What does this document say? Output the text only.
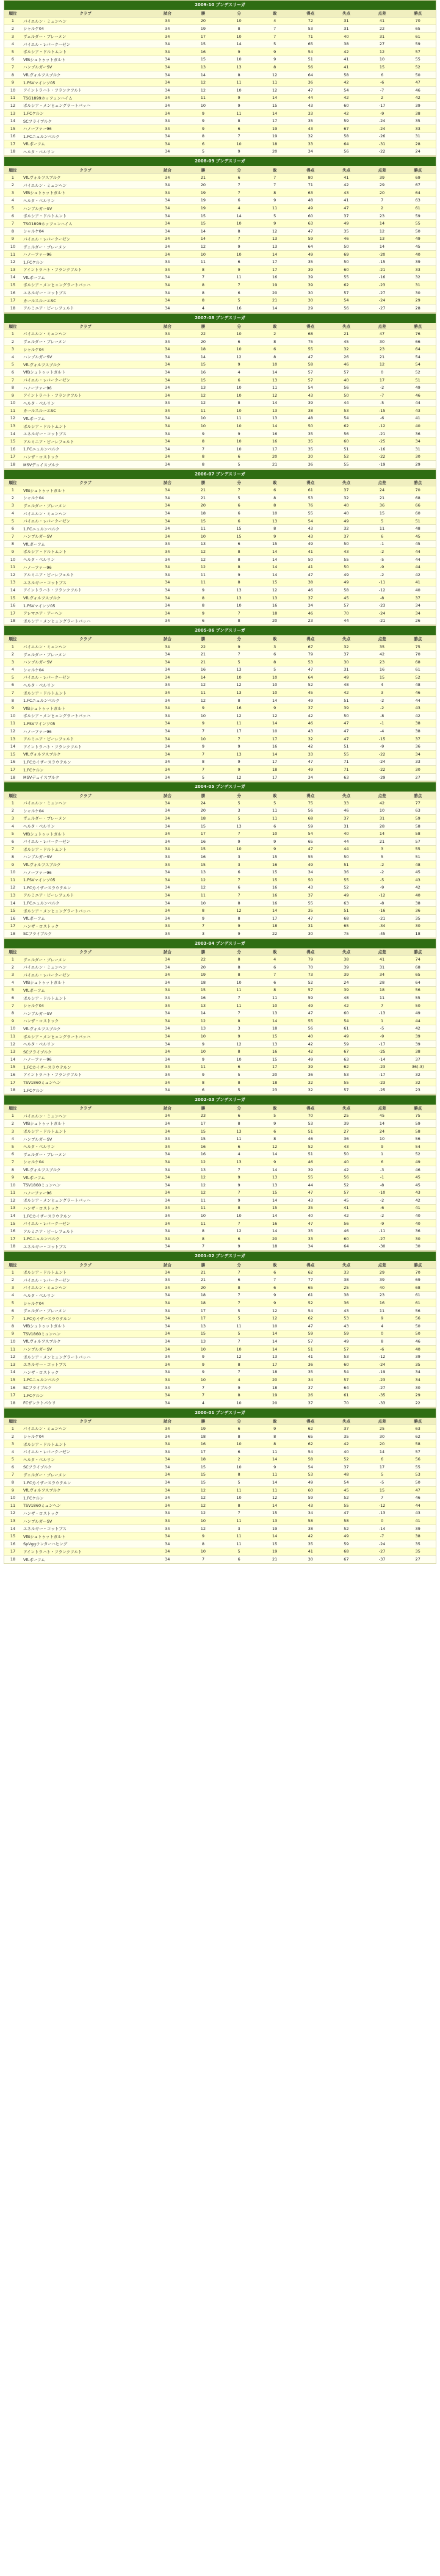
2009-10 ブンデスリーガ
順位	クラブ	試合	勝	分	敗	得点	失点	点差	勝点
1	バイエルン・ミュンヘン	34	20	10	4	72	31	41	70
2	シャルケ04	34	19	8	7	53	31	22	65
3	ヴェルダー・ブレーメン	34	17	10	7	71	40	31	61
4	バイエル・レバークーゼン	34	15	14	5	65	38	27	59
5	ボルシア・ドルトムント	34	16	9	9	54	42	12	57
6	VfBシュトゥットガルト	34	15	10	9	51	41	10	55
7	ハンブルガーSV	34	13	13	8	56	41	15	52
8	VfLヴォルフスブルク	34	14	8	12	64	58	6	50
9	1.FSVマインツ05	34	12	11	11	36	42	-6	47
10	アイントラハト・フランクフルト	34	12	10	12	47	54	-7	46
11	TSG1899ホッフェンハイム	34	11	9	14	44	42	2	42
12	ボルシア・メンヒェングラートバッハ	34	10	9	15	43	60	-17	39
13	1.FCケルン	34	9	11	14	33	42	-9	38
14	SCフライブルク	34	9	8	17	35	59	-24	35
15	ハノーファー96	34	9	6	19	43	67	-24	33
16	1.FCニュルンベルク	34	8	7	19	32	58	-26	31
17	VfLボーフム	34	6	10	18	33	64	-31	28
18	ヘルタ・ベルリン	34	5	9	20	34	56	-22	24
2008-09 ブンデスリーガ
順位	クラブ	試合	勝	分	敗	得点	失点	点差	勝点
1	VfLヴォルフスブルク	34	21	6	7	80	41	39	69
2	バイエルン・ミュンヘン	34	20	7	7	71	42	29	67
3	VfBシュトゥットガルト	34	19	7	8	63	43	20	64
4	ヘルタ・ベルリン	34	19	6	9	48	41	7	63
5	ハンブルガーSV	34	19	4	11	49	47	2	61
6	ボルシア・ドルトムント	34	15	14	5	60	37	23	59
7	TSG1899ホッフェンハイム	34	15	10	9	63	49	14	55
8	シャルケ04	34	14	8	12	47	35	12	50
9	バイエル・レバークーゼン	34	14	7	13	59	46	13	49
10	ヴェルダー・ブレーメン	34	12	9	13	64	50	14	45
11	ハノーファー96	34	10	10	14	49	69	-20	40
12	1.FCケルン	34	11	6	17	35	50	-15	39
13	アイントラハト・フランクフルト	34	8	9	17	39	60	-21	33
14	VfLボーフム	34	7	11	16	39	55	-16	32
15	ボルシア・メンヒェングラートバッハ	34	8	7	19	39	62	-23	31
16	エネルギー・コットブス	34	8	6	20	30	57	-27	30
17	カールスルーエSC	34	8	5	21	30	54	-24	29
18	アルミニア・ビーレフェルト	34	4	16	14	29	56	-27	28
2007-08 ブンデスリーガ
順位	クラブ	試合	勝	分	敗	得点	失点	点差	勝点
1	バイエルン・ミュンヘン	34	22	10	2	68	21	47	76
2	ヴェルダー・ブレーメン	34	20	6	8	75	45	30	66
3	シャルケ04	34	18	10	6	55	32	23	64
4	ハンブルガーSV	34	14	12	8	47	26	21	54
5	VfLヴォルフスブルク	34	15	9	10	58	46	12	54
6	VfBシュトゥットガルト	34	16	4	14	57	57	0	52
7	バイエル・レバークーゼン	34	15	6	13	57	40	17	51
8	ハノーファー96	34	13	10	11	54	56	-2	49
9	アイントラハト・フランクフルト	34	12	10	12	43	50	-7	46
10	ヘルタ・ベルリン	34	12	8	14	39	44	-5	44
11	カールスルーエSC	34	11	10	13	38	53	-15	43
12	VfLボーフム	34	10	11	13	48	54	-6	41
13	ボルシア・ドルトムント	34	10	10	14	50	62	-12	40
14	エネルギー・コットブス	34	9	9	16	35	56	-21	36
15	アルミニア・ビーレフェルト	34	8	10	16	35	60	-25	34
16	1.FCニュルンベルク	34	7	10	17	35	51	-16	31
17	ハンザ・ロストック	34	8	6	20	30	52	-22	30
18	MSVデュイスブルク	34	8	5	21	36	55	-19	29
2006-07 ブンデスリーガ
順位	クラブ	試合	勝	分	敗	得点	失点	点差	勝点
1	VfBシュトゥットガルト	34	21	7	6	61	37	24	70
2	シャルケ04	34	21	5	8	53	32	21	68
3	ヴェルダー・ブレーメン	34	20	6	8	76	40	36	66
4	バイエルン・ミュンヘン	34	18	6	10	55	40	15	60
5	バイエル・レバークーゼン	34	15	6	13	54	49	5	51
6	1.FCニュルンベルク	34	11	15	8	43	32	11	48
7	ハンブルガーSV	34	10	15	9	43	37	6	45
8	VfLボーフム	34	13	6	15	49	50	-1	45
9	ボルシア・ドルトムント	34	12	8	14	41	43	-2	44
10	ヘルタ・ベルリン	34	12	8	14	50	55	-5	44
11	ハノーファー96	34	12	8	14	41	50	-9	44
12	アルミニア・ビーレフェルト	34	11	9	14	47	49	-2	42
13	エネルギー・コットブス	34	11	8	15	38	49	-11	41
14	アイントラハト・フランクフルト	34	9	13	12	46	58	-12	40
15	VfLヴォルフスブルク	34	8	13	13	37	45	-8	37
16	1.FSVマインツ05	34	8	10	16	34	57	-23	34
17	アレマニア・アーヘン	34	9	7	18	46	70	-24	34
18	ボルシア・メンヒェングラートバッハ	34	6	8	20	23	44	-21	26
2005-06 ブンデスリーガ
順位	クラブ	試合	勝	分	敗	得点	失点	点差	勝点
1	バイエルン・ミュンヘン	34	22	9	3	67	32	35	75
2	ヴェルダー・ブレーメン	34	21	7	6	79	37	42	70
3	ハンブルガーSV	34	21	5	8	53	30	23	68
4	シャルケ04	34	16	13	5	47	31	16	61
5	バイエル・レバークーゼン	34	14	10	10	64	49	15	52
6	ヘルタ・ベルリン	34	12	12	10	52	48	4	48
7	ボルシア・ドルトムント	34	11	13	10	45	42	3	46
8	1.FCニュルンベルク	34	12	8	14	49	51	-2	44
9	VfBシュトゥットガルト	34	9	16	9	37	39	-2	43
10	ボルシア・メンヒェングラートバッハ	34	10	12	12	42	50	-8	42
11	1.FSVマインツ05	34	9	11	14	46	47	-1	38
12	ハノーファー96	34	7	17	10	43	47	-4	38
13	アルミニア・ビーレフェルト	34	10	7	17	32	47	-15	37
14	アイントラハト・フランクフルト	34	9	9	16	42	51	-9	36
15	VfLヴォルフスブルク	34	7	13	14	33	55	-22	34
16	1.FCカイザースラウテルン	34	8	9	17	47	71	-24	33
17	1.FCケルン	34	7	9	18	49	71	-22	30
18	MSVデュイスブルク	34	5	12	17	34	63	-29	27
2004-05 ブンデスリーガ
順位	クラブ	試合	勝	分	敗	得点	失点	点差	勝点
1	バイエルン・ミュンヘン	34	24	5	5	75	33	42	77
2	シャルケ04	34	20	3	11	56	46	10	63
3	ヴェルダー・ブレーメン	34	18	5	11	68	37	31	59
4	ヘルタ・ベルリン	34	15	13	6	59	31	28	58
5	VfBシュトゥットガルト	34	17	7	10	54	40	14	58
6	バイエル・レバークーゼン	34	16	9	9	65	44	21	57
7	ボルシア・ドルトムント	34	15	10	9	47	44	3	55
8	ハンブルガーSV	34	16	3	15	55	50	5	51
9	VfLヴォルフスブルク	34	15	3	16	49	51	-2	48
10	ハノーファー96	34	13	6	15	34	36	-2	45
11	1.FSVマインツ05	34	12	7	15	50	55	-5	43
12	1.FCカイザースラウテルン	34	12	6	16	43	52	-9	42
13	アルミニア・ビーレフェルト	34	11	7	16	37	49	-12	40
14	1.FCニュルンベルク	34	10	8	16	55	63	-8	38
15	ボルシア・メンヒェングラートバッハ	34	8	12	14	35	51	-16	36
16	VfLボーフム	34	9	8	17	47	68	-21	35
17	ハンザ・ロストック	34	7	9	18	31	65	-34	30
18	SCフライブルク	34	3	9	22	30	75	-45	18
2003-04 ブンデスリーガ
順位	クラブ	試合	勝	分	敗	得点	失点	点差	勝点
1	ヴェルダー・ブレーメン	34	22	8	4	79	38	41	74
2	バイエルン・ミュンヘン	34	20	8	6	70	39	31	68
3	バイエル・レバークーゼン	34	19	8	7	73	39	34	65
4	VfBシュトゥットガルト	34	18	10	6	52	24	28	64
5	VfLボーフム	34	15	11	8	57	39	18	56
6	ボルシア・ドルトムント	34	16	7	11	59	48	11	55
7	シャルケ04	34	13	11	10	49	42	7	50
8	ハンブルガーSV	34	14	7	13	47	60	-13	49
9	ハンザ・ロストック	34	12	8	14	55	54	1	44
10	VfLヴォルフスブルク	34	13	3	18	56	61	-5	42
11	ボルシア・メンヒェングラートバッハ	34	10	9	15	40	49	-9	39
12	ヘルタ・ベルリン	34	9	12	13	42	59	-17	39
13	SCフライブルク	34	10	8	16	42	67	-25	38
14	ハノーファー96	34	9	10	15	49	63	-14	37
15	1.FCカイザースラウテルン	34	11	6	17	39	62	-23	36(-3)
16	アイントラハト・フランクフルト	34	9	5	20	36	53	-17	32
17	TSV1860ミュンヘン	34	8	8	18	32	55	-23	32
18	1.FCケルン	34	6	5	23	32	57	-25	23
2002-03 ブンデスリーガ
順位	クラブ	試合	勝	分	敗	得点	失点	点差	勝点
1	バイエルン・ミュンヘン	34	23	6	5	70	25	45	75
2	VfBシュトゥットガルト	34	17	8	9	53	39	14	59
3	ボルシア・ドルトムント	34	15	13	6	51	27	24	58
4	ハンブルガーSV	34	15	11	8	46	36	10	56
5	ヘルタ・ベルリン	34	16	6	12	52	43	9	54
6	ヴェルダー・ブレーメン	34	16	4	14	51	50	1	52
7	シャルケ04	34	12	13	9	46	40	6	49
8	VfLヴォルフスブルク	34	13	7	14	39	42	-3	46
9	VfLボーフム	34	12	9	13	55	56	-1	45
10	TSV1860ミュンヘン	34	12	9	13	44	52	-8	45
11	ハノーファー96	34	12	7	15	47	57	-10	43
12	ボルシア・メンヒェングラートバッハ	34	11	9	14	43	45	-2	42
13	ハンザ・ロストック	34	11	8	15	35	41	-6	41
14	1.FCカイザースラウテルン	34	10	10	14	40	42	-2	40
15	バイエル・レバークーゼン	34	11	7	16	47	56	-9	40
16	アルミニア・ビーレフェルト	34	8	12	14	35	46	-11	36
17	1.FCニュルンベルク	34	8	6	20	33	60	-27	30
18	エネルギー・コットブス	34	7	9	18	34	64	-30	30
2001-02 ブンデスリーガ
順位	クラブ	試合	勝	分	敗	得点	失点	点差	勝点
1	ボルシア・ドルトムント	34	21	7	6	62	33	29	70
2	バイエル・レバークーゼン	34	21	6	7	77	38	39	69
3	バイエルン・ミュンヘン	34	20	8	6	65	25	40	68
4	ヘルタ・ベルリン	34	18	7	9	61	38	23	61
5	シャルケ04	34	18	7	9	52	36	16	61
6	ヴェルダー・ブレーメン	34	17	5	12	54	43	11	56
7	1.FCカイザースラウテルン	34	17	5	12	62	53	9	56
8	VfBシュトゥットガルト	34	13	11	10	47	43	4	50
9	TSV1860ミュンヘン	34	15	5	14	59	59	0	50
10	VfLヴォルフスブルク	34	13	7	14	57	49	8	46
11	ハンブルガーSV	34	10	10	14	51	57	-6	40
12	ボルシア・メンヒェングラートバッハ	34	9	12	13	41	53	-12	39
13	エネルギー・コットブス	34	9	8	17	36	60	-24	35
14	ハンザ・ロストック	34	9	7	18	35	54	-19	34
15	1.FCニュルンベルク	34	10	4	20	34	57	-23	34
16	SCフライブルク	34	7	9	18	37	64	-27	30
17	1.FCケルン	34	7	8	19	26	61	-35	29
18	FCザンクトパウリ	34	4	10	20	37	70	-33	22
2000-01 ブンデスリーガ
順位	クラブ	試合	勝	分	敗	得点	失点	点差	勝点
1	バイエルン・ミュンヘン	34	19	6	9	62	37	25	63
2	シャルケ04	34	18	8	8	65	35	30	62
3	ボルシア・ドルトムント	34	16	10	8	62	42	20	58
4	バイエル・レバークーゼン	34	17	6	11	54	40	14	57
5	ヘルタ・ベルリン	34	18	2	14	58	52	6	56
6	SCフライブルク	34	15	10	9	54	37	17	55
7	ヴェルダー・ブレーメン	34	15	8	11	53	48	5	53
8	1.FCカイザースラウテルン	34	15	5	14	49	54	-5	50
9	VfLヴォルフスブルク	34	12	11	11	60	45	15	47
10	1.FCケルン	34	12	10	12	59	52	7	46
11	TSV1860ミュンヘン	34	12	8	14	43	55	-12	44
12	ハンザ・ロストック	34	12	7	15	34	47	-13	43
13	ハンブルガーSV	34	10	11	13	58	58	0	41
14	エネルギー・コットブス	34	12	3	19	38	52	-14	39
15	VfBシュトゥットガルト	34	9	11	14	42	49	-7	38
16	SpVggウンターハヒング	34	8	11	15	35	59	-24	35
17	アイントラハト・フランクフルト	34	10	5	19	41	68	-27	35
18	VfLボーフム	34	7	6	21	30	67	-37	27
